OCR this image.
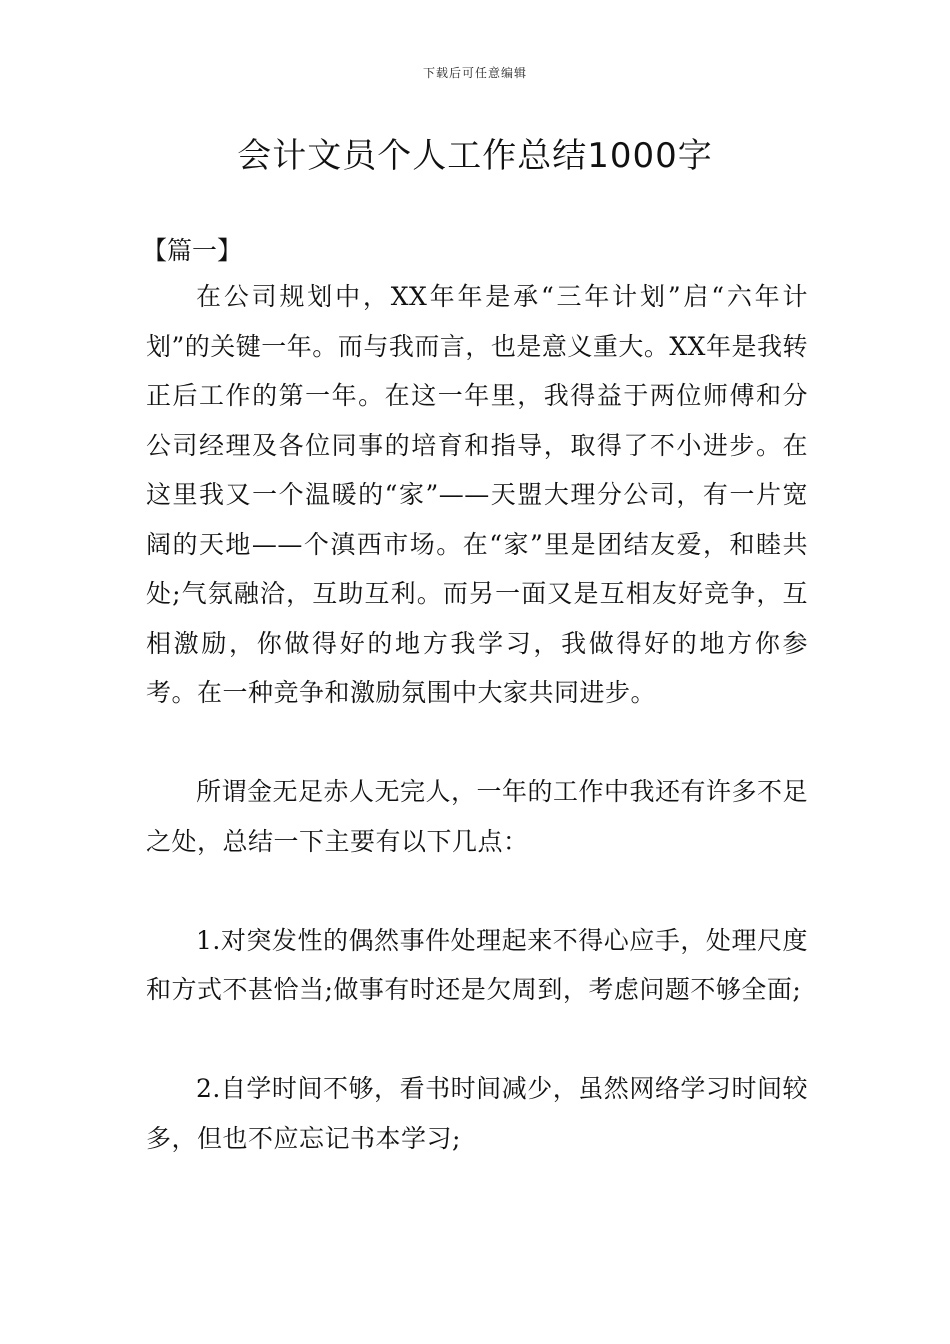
下载后可任意编辑
会计文员个人工作总结1000字

【篇一】

在公司规划中，XX年年是承“三年计划”启“六年计划”的关键一年。而与我而言，也是意义重大。XX年是我转正后工作的第一年。在这一年里，我得益于两位师傅和分公司经理及各位同事的培育和指导，取得了不小进步。在这里我又一个温暖的“家”——天盟大理分公司，有一片宽阔的天地——个滇西市场。在“家”里是团结友爱，和睦共处;气氛融洽，互助互利。而另一面又是互相友好竞争，互相激励，你做得好的地方我学习，我做得好的地方你参考。在一种竞争和激励氛围中大家共同进步。

所谓金无足赤人无完人，一年的工作中我还有许多不足之处，总结一下主要有以下几点：

1.对突发性的偶然事件处理起来不得心应手，处理尺度和方式不甚恰当;做事有时还是欠周到，考虑问题不够全面;

2.自学时间不够，看书时间减少，虽然网络学习时间较多，但也不应忘记书本学习;
